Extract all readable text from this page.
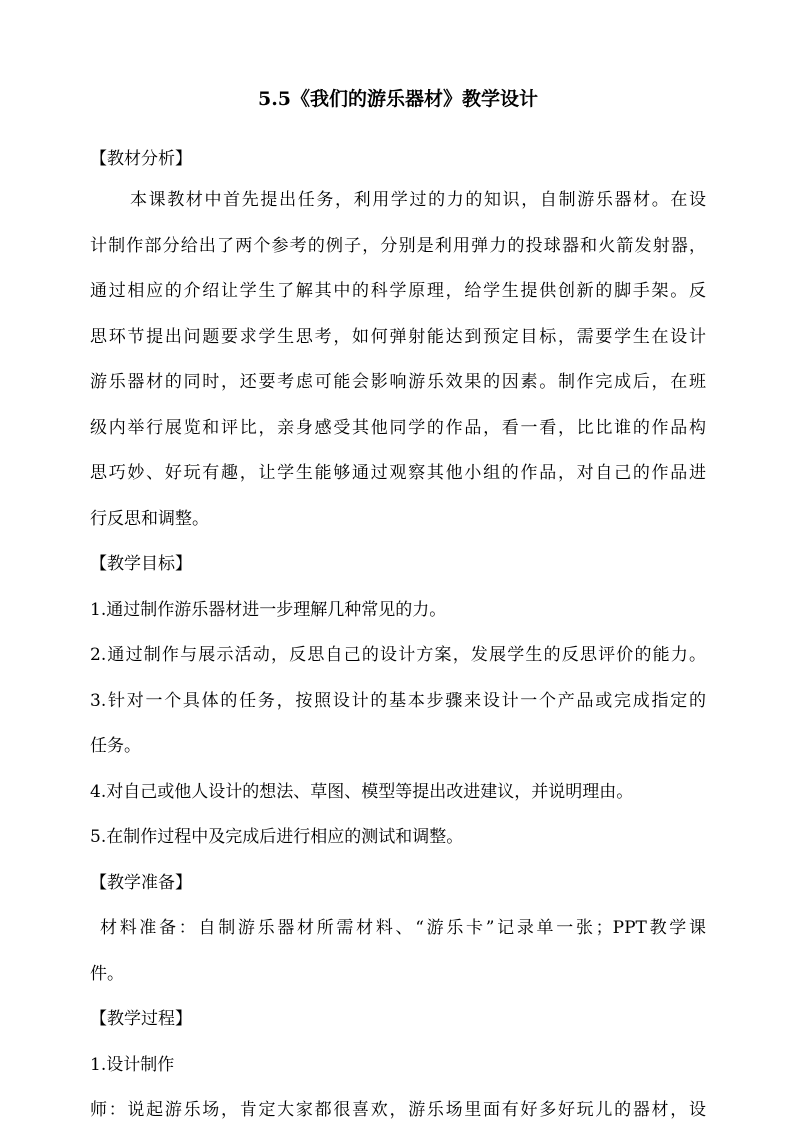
5.5《我们的游乐器材》教学设计
【教材分析】
本课教材中首先提出任务，利用学过的力的知识，自制游乐器材。在设
计制作部分给出了两个参考的例子，分别是利用弹力的投球器和火箭发射器，
通过相应的介绍让学生了解其中的科学原理，给学生提供创新的脚手架。反
思环节提出问题要求学生思考，如何弹射能达到预定目标，需要学生在设计
游乐器材的同时，还要考虑可能会影响游乐效果的因素。制作完成后，在班
级内举行展览和评比，亲身感受其他同学的作品，看一看，比比谁的作品构
思巧妙、好玩有趣，让学生能够通过观察其他小组的作品，对自己的作品进
行反思和调整。
【教学目标】
1.通过制作游乐器材进一步理解几种常见的力。
2.通过制作与展示活动，反思自己的设计方案，发展学生的反思评价的能力。
3.针对一个具体的任务，按照设计的基本步骤来设计一个产品或完成指定的
任务。
4.对自己或他人设计的想法、草图、模型等提出改进建议，并说明理由。
5.在制作过程中及完成后进行相应的测试和调整。
【教学准备】
材料准备：自制游乐器材所需材料、“游乐卡”记录单一张；PPT教学课
件。
【教学过程】
1.设计制作
师：说起游乐场，肯定大家都很喜欢，游乐场里面有好多好玩儿的器材，设
